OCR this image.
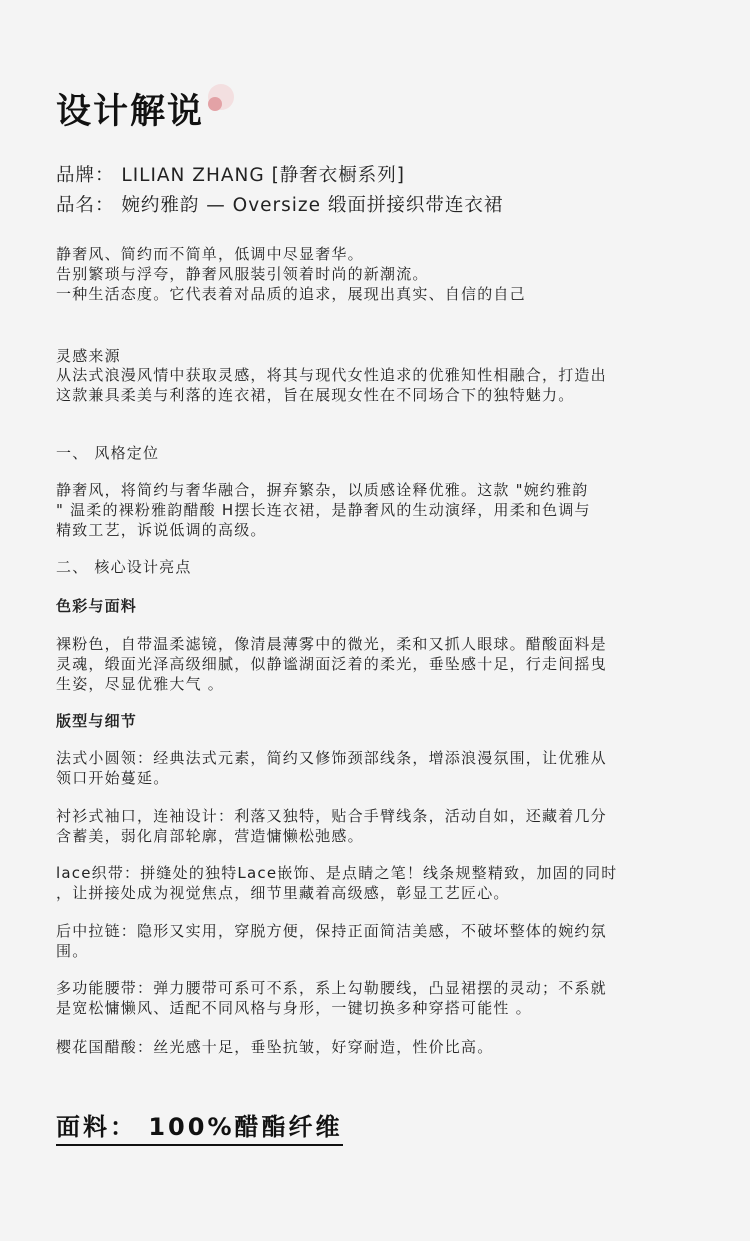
设计解说
品牌： LILIAN ZHANG [静奢衣橱系列]
品名： 婉约雅韵 — Oversize 缎面拼接织带连衣裙
静奢风、简约而不简单，低调中尽显奢华。
告别繁琐与浮夸，静奢风服装引领着时尚的新潮流。
一种生活态度。它代表着对品质的追求，展现出真实、自信的自己
灵感来源
从法式浪漫风情中获取灵感，将其与现代女性追求的优雅知性相融合，打造出
这款兼具柔美与利落的连衣裙，旨在展现女性在不同场合下的独特魅力。
一、 风格定位
静奢风，将简约与奢华融合，摒弃繁杂，以质感诠释优雅。这款 "婉约雅韵
" 温柔的裸粉雅韵醋酸 H摆长连衣裙，是静奢风的生动演绎，用柔和色调与
精致工艺，诉说低调的高级。
二、 核心设计亮点
色彩与面料
裸粉色，自带温柔滤镜，像清晨薄雾中的微光，柔和又抓人眼球。醋酸面料是
灵魂，缎面光泽高级细腻，似静谧湖面泛着的柔光，垂坠感十足，行走间摇曳
生姿，尽显优雅大气 。
版型与细节
法式小圆领：经典法式元素，简约又修饰颈部线条，增添浪漫氛围，让优雅从
领口开始蔓延。
衬衫式袖口，连袖设计：利落又独特，贴合手臂线条，活动自如，还藏着几分
含蓄美，弱化肩部轮廓，营造慵懒松弛感。
lace织带：拼缝处的独特Lace嵌饰、是点睛之笔！线条规整精致，加固的同时
，让拼接处成为视觉焦点，细节里藏着高级感，彰显工艺匠心。
后中拉链：隐形又实用，穿脱方便，保持正面简洁美感，不破坏整体的婉约氛
围。
多功能腰带：弹力腰带可系可不系，系上勾勒腰线，凸显裙摆的灵动；不系就
是宽松慵懒风、适配不同风格与身形，一键切换多种穿搭可能性 。
樱花国醋酸：丝光感十足，垂坠抗皱，好穿耐造，性价比高。
面料： 100%醋酯纤维
